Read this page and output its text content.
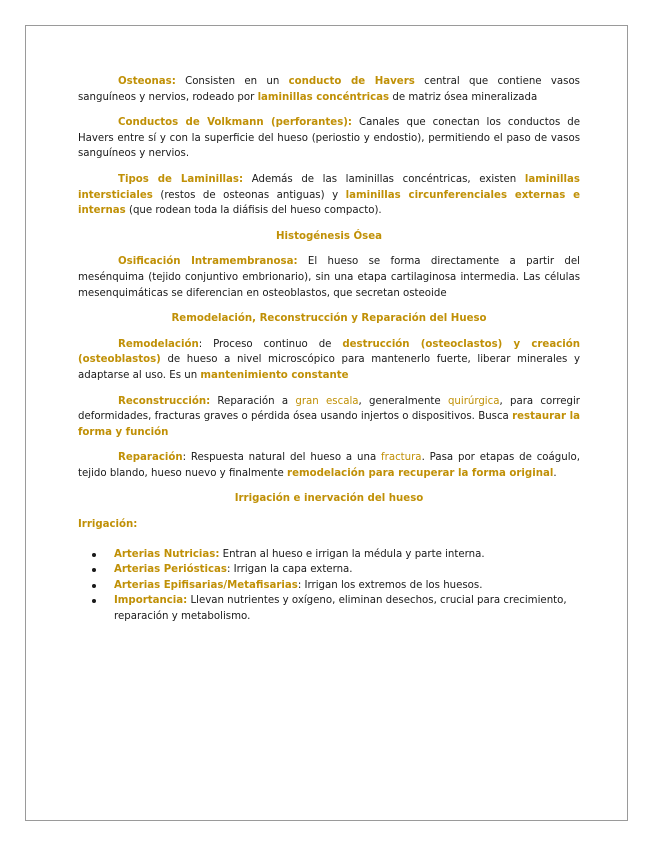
Osteonas: Consisten en un conducto de Havers central que contiene vasos sanguíneos y nervios, rodeado por laminillas concéntricas de matriz ósea mineralizada

Conductos de Volkmann (perforantes): Canales que conectan los conductos de Havers entre sí y con la superficie del hueso (periostio y endostio), permitiendo el paso de vasos sanguíneos y nervios.

Tipos de Laminillas: Además de las laminillas concéntricas, existen laminillas intersticiales (restos de osteonas antiguas) y laminillas circunferenciales externas e internas (que rodean toda la diáfisis del hueso compacto).

Histogénesis Ósea

Osificación Intramembranosa: El hueso se forma directamente a partir del mesénquima (tejido conjuntivo embrionario), sin una etapa cartilaginosa intermedia. Las células mesenquimáticas se diferencian en osteoblastos, que secretan osteoide

Remodelación, Reconstrucción y Reparación del Hueso

Remodelación: Proceso continuo de destrucción (osteoclastos) y creación (osteoblastos) de hueso a nivel microscópico para mantenerlo fuerte, liberar minerales y adaptarse al uso. Es un mantenimiento constante

Reconstrucción: Reparación a gran escala, generalmente quirúrgica, para corregir deformidades, fracturas graves o pérdida ósea usando injertos o dispositivos. Busca restaurar la forma y función

Reparación: Respuesta natural del hueso a una fractura. Pasa por etapas de coágulo, tejido blando, hueso nuevo y finalmente remodelación para recuperar la forma original.

Irrigación e inervación del hueso
Irrigación:
Arterias Nutricias: Entran al hueso e irrigan la médula y parte interna.
Arterias Periósticas: Irrigan la capa externa.
Arterias Epifisarias/Metafisarias: Irrigan los extremos de los huesos.
Importancia: Llevan nutrientes y oxígeno, eliminan desechos, crucial para crecimiento, reparación y metabolismo.
